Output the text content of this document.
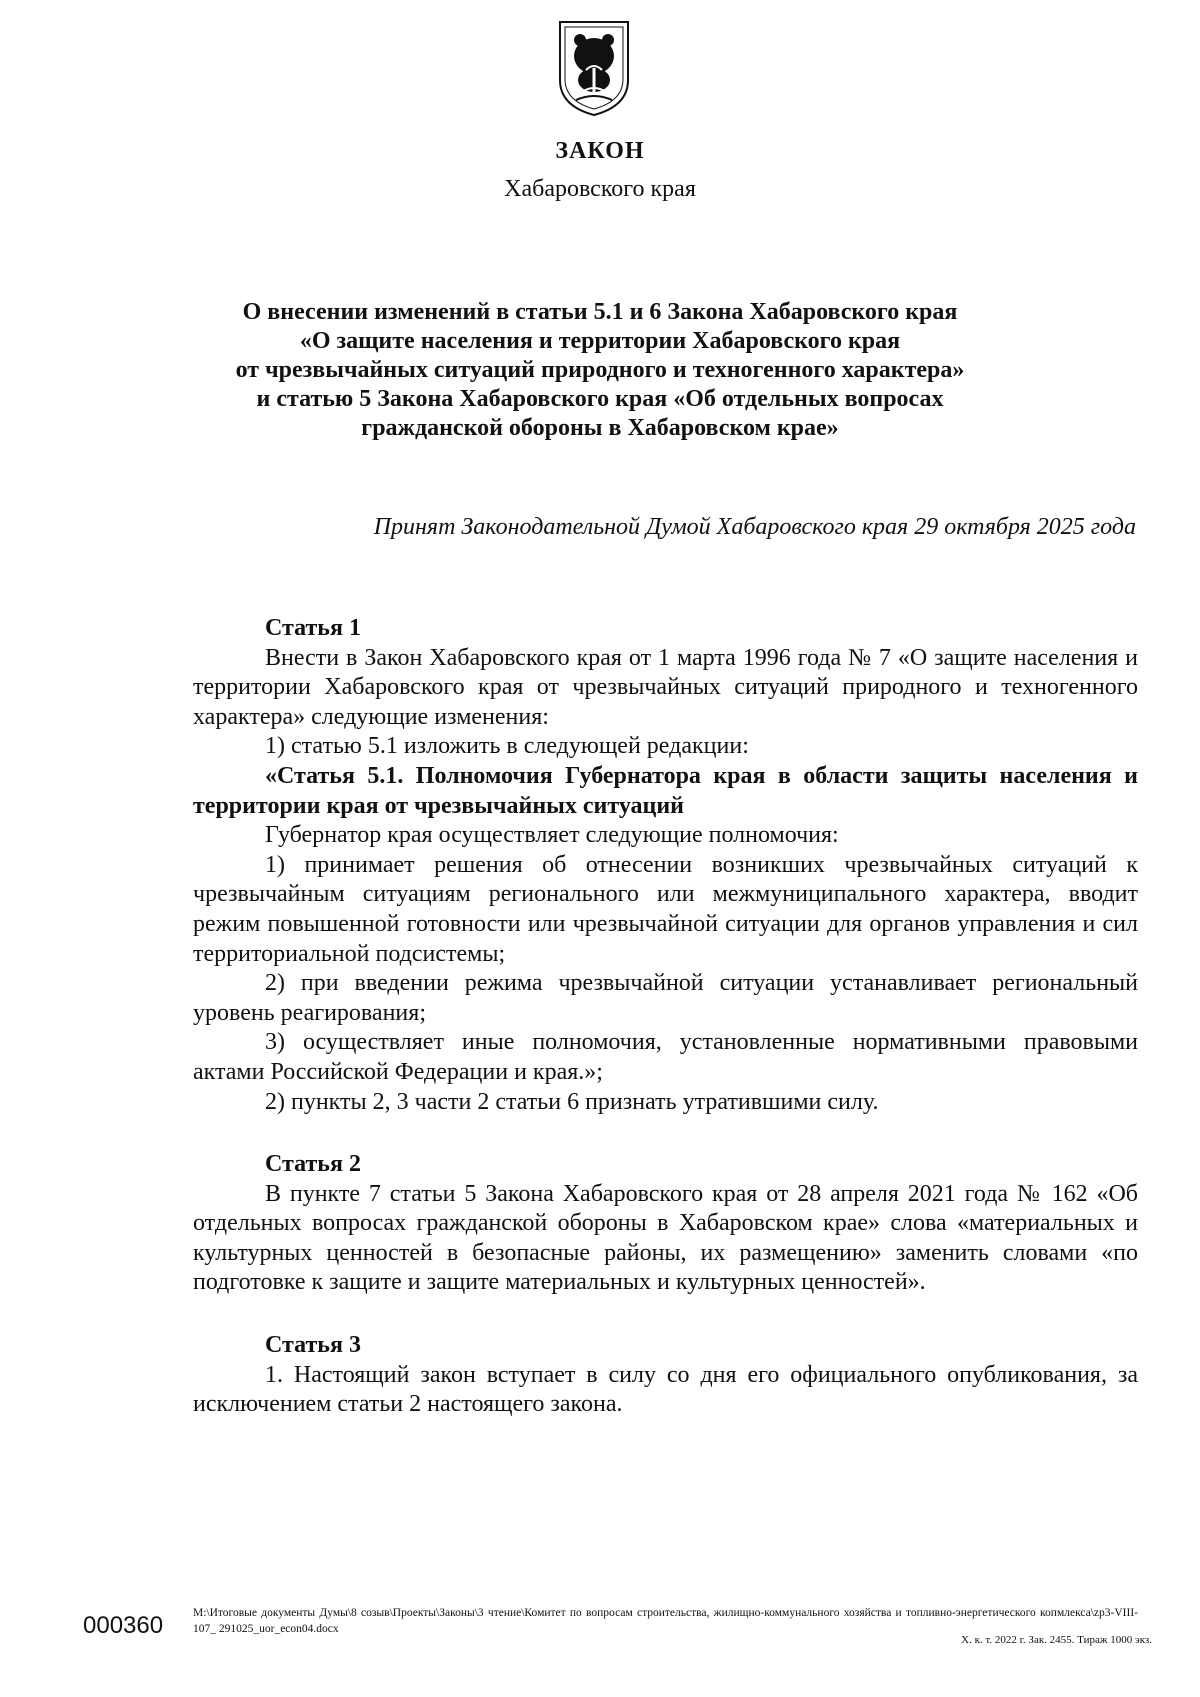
ЗАКОН
Хабаровского края
О внесении изменений в статьи 5.1 и 6 Закона Хабаровского края
«О защите населения и территории Хабаровского края
от чрезвычайных ситуаций природного и техногенного характера»
и статью 5 Закона Хабаровского края «Об отдельных вопросах
гражданской обороны в Хабаровском крае»
Принят Законодательной Думой Хабаровского края 29 октября 2025 года
Статья 1
Внести в Закон Хабаровского края от 1 марта 1996 года № 7 «О защите населения и территории Хабаровского края от чрезвычайных ситуаций природного и техногенного характера» следующие изменения:
1) статью 5.1 изложить в следующей редакции:
«Статья 5.1. Полномочия Губернатора края в области защиты населения и территории края от чрезвычайных ситуаций
Губернатор края осуществляет следующие полномочия:
1) принимает решения об отнесении возникших чрезвычайных ситуаций к чрезвычайным ситуациям регионального или межмуниципального характера, вводит режим повышенной готовности или чрезвычайной ситуации для органов управления и сил территориальной подсистемы;
2) при введении режима чрезвычайной ситуации устанавливает региональный уровень реагирования;
3) осуществляет иные полномочия, установленные нормативными правовыми актами Российской Федерации и края.»;
2) пункты 2, 3 части 2 статьи 6 признать утратившими силу.
Статья 2
В пункте 7 статьи 5 Закона Хабаровского края от 28 апреля 2021 года № 162 «Об отдельных вопросах гражданской обороны в Хабаровском крае» слова «материальных и культурных ценностей в безопасные районы, их размещению» заменить словами «по подготовке к защите и защите материальных и культурных ценностей».
Статья 3
1. Настоящий закон вступает в силу со дня его официального опубликования, за исключением статьи 2 настоящего закона.
000360	M:\Итоговые документы Думы\8 созыв\Проекты\Законы\3 чтение\Комитет по вопросам строительства, жилищно-коммунального хозяйства и топливно-энергетического копмлекса\zp3-VIII-107_ 291025_uor_econ04.docx
Х. к. т. 2022 г. Зак. 2455. Тираж 1000 экз.
